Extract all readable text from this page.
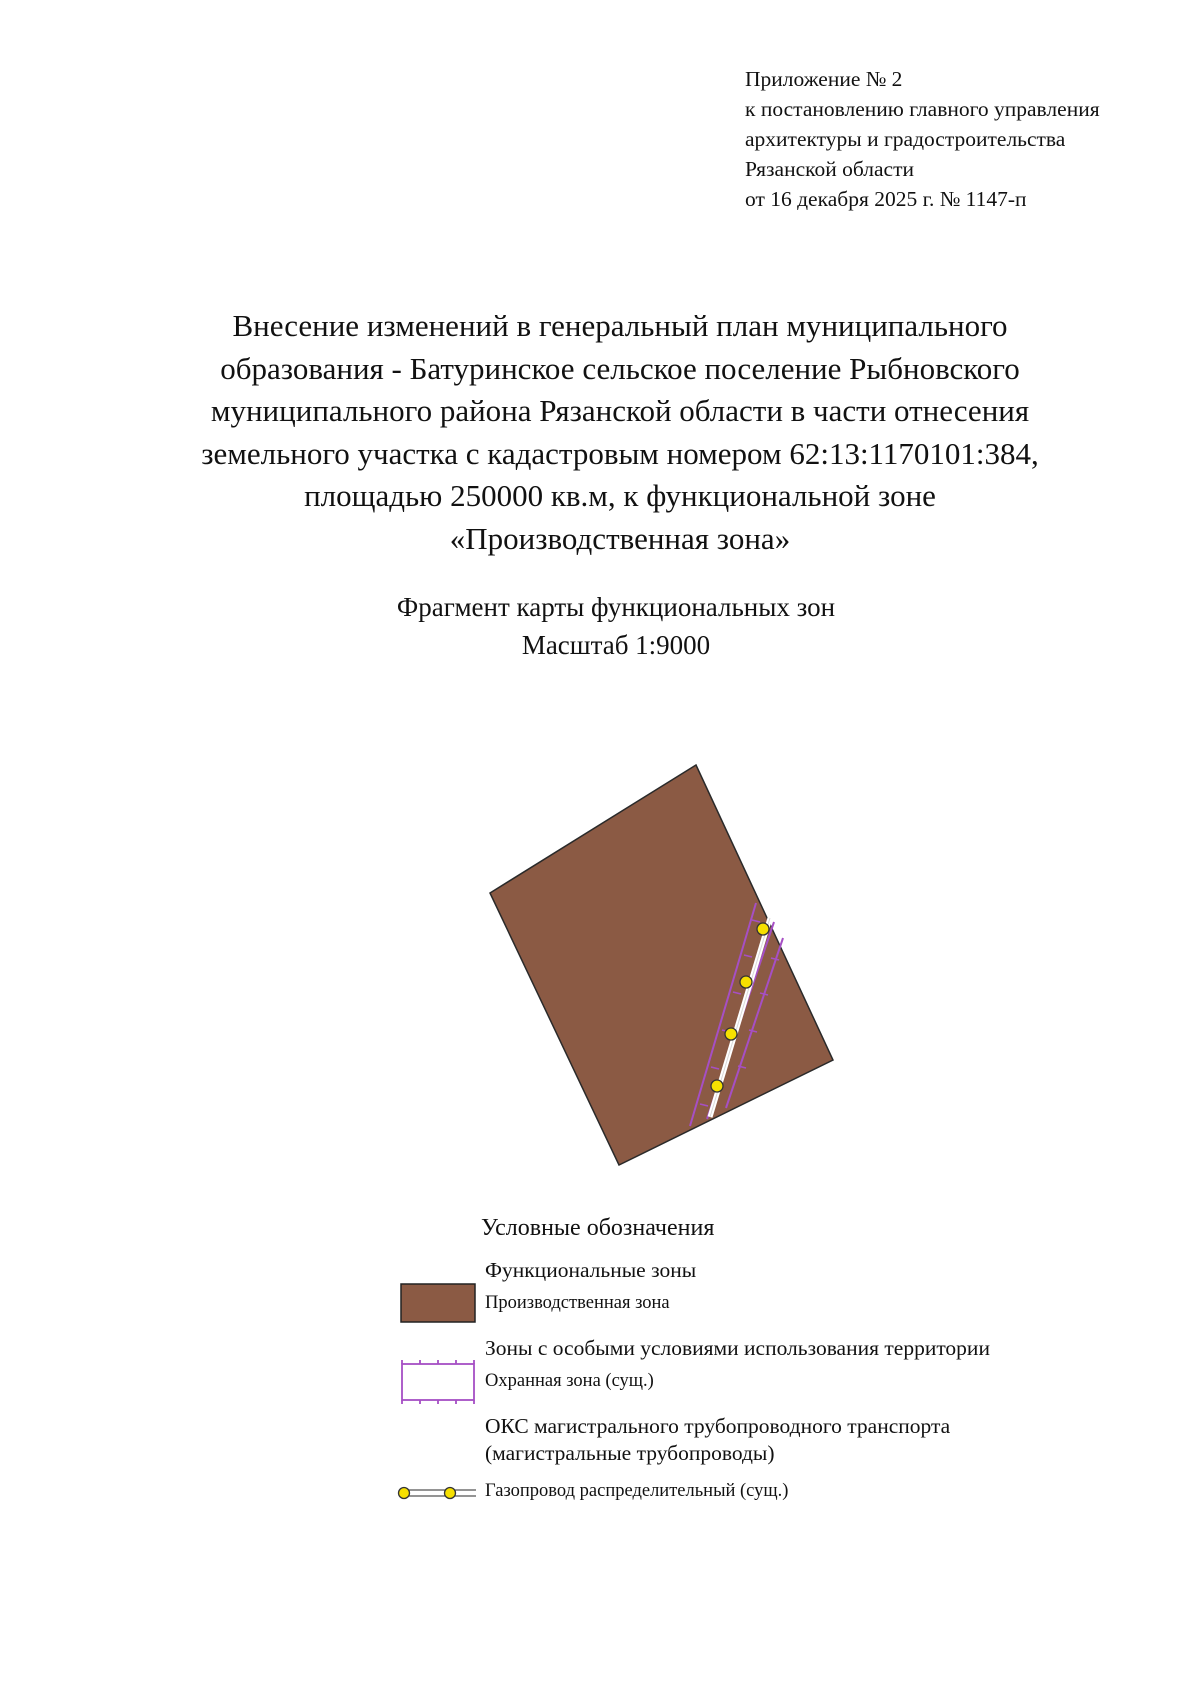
Приложение № 2
к постановлению главного управления
архитектуры и градостроительства
Рязанской области
от 16 декабря 2025 г. № 1147-п
Внесение изменений в генеральный план муниципального
образования - Батуринское сельское поселение Рыбновского
муниципального района Рязанской области в части отнесения
земельного участка с кадастровым номером 62:13:1170101:384,
площадью 250000 кв.м, к функциональной зоне
«Производственная зона»
Фрагмент карты функциональных зон
Масштаб 1:9000
Условные обозначения
Функциональные зоны
Производственная зона
Зоны с особыми условиями использования территории
Охранная зона (сущ.)
ОКС магистрального трубопроводного транспорта
(магистральные трубопроводы)
Газопровод распределительный (сущ.)
